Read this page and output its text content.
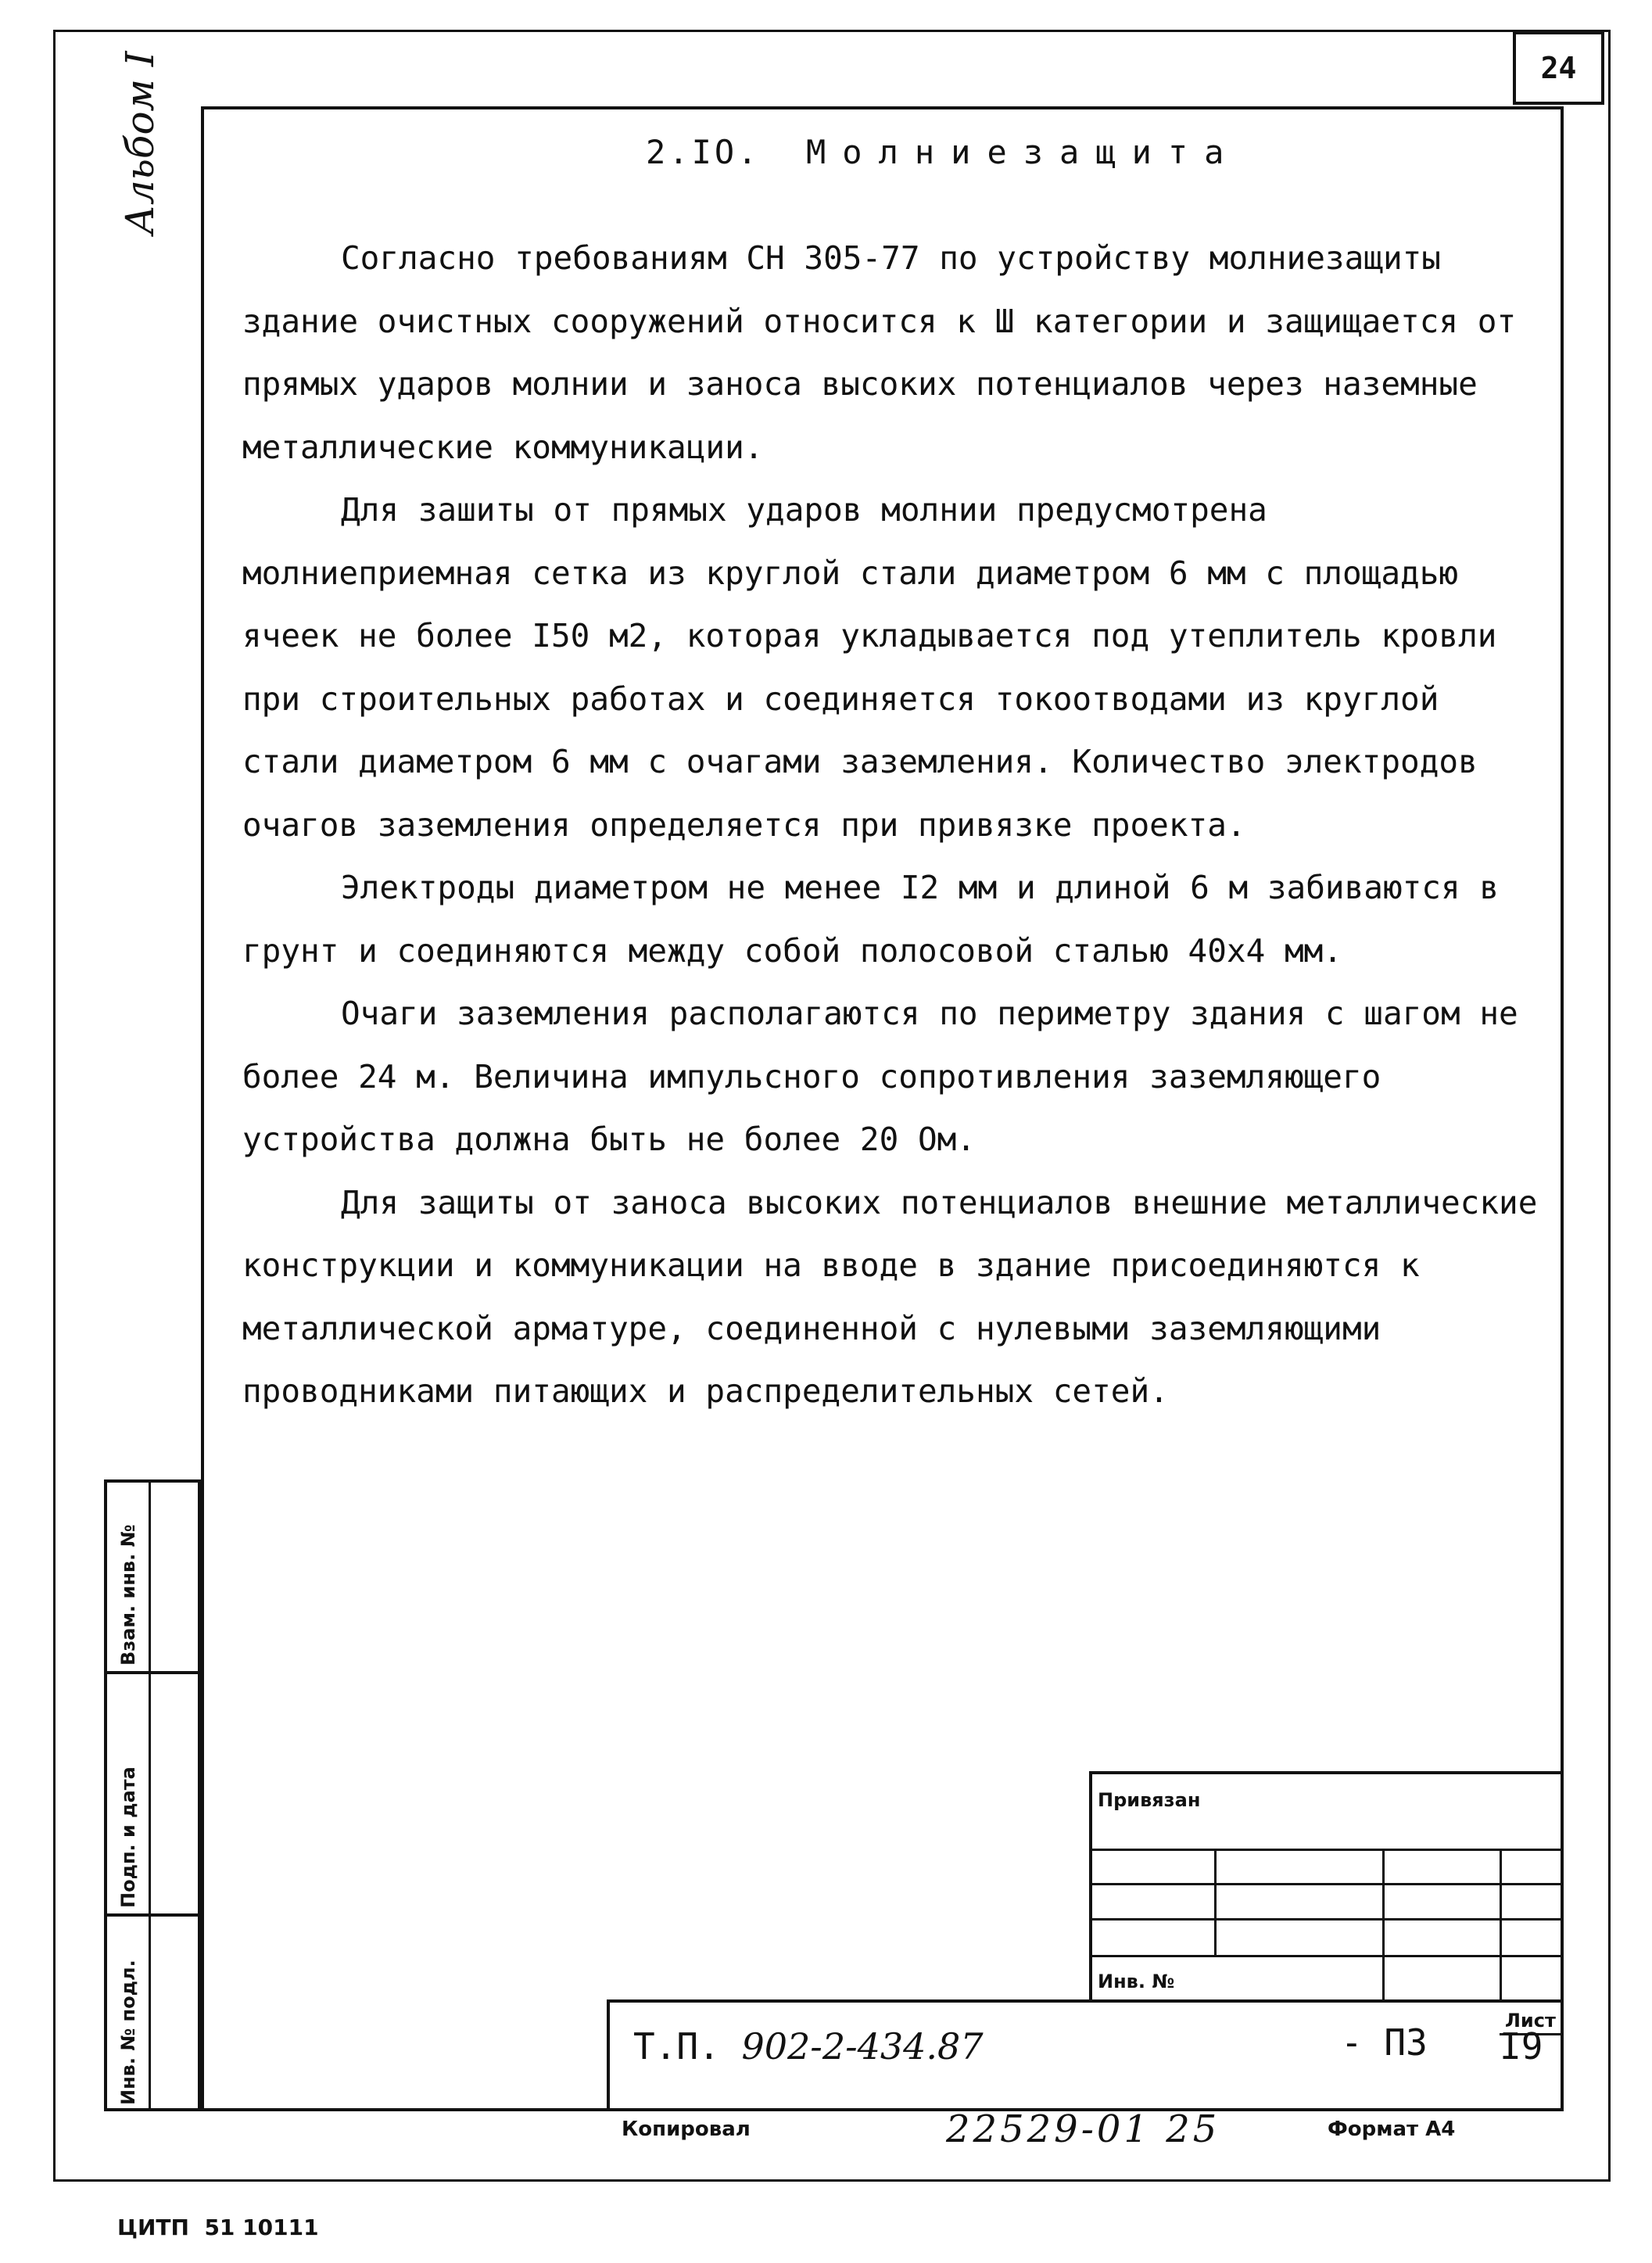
24
Альбом I	2.IO. Молниезащита

Согласно требованиям СН 305-77 по устройству молниезащиты здание очистных сооружений относится к Ш категории и защищается от прямых ударов молнии и заноса высоких потенциалов через наземные металлические коммуникации.

Для зашиты от прямых ударов молнии предусмотрена молниеприемная сетка из круглой стали диаметром 6 мм с площадью ячеек не более I50 м2, которая укладывается под утеплитель кровли при строительных работах и соединяется токоотводами из круглой стали диаметром 6 мм с очагами заземления. Количество электродов очагов заземления определяется при привязке проекта.

Электроды диаметром не менее I2 мм и длиной 6 м забиваются в грунт и соединяются между собой полосовой сталью 40х4 мм.

Очаги заземления располагаются по периметру здания с шагом не более 24 м. Величина импульсного сопротивления заземляющего устройства должна быть не более 20 Ом.

Для защиты от заноса высоких потенциалов внешние металлические конструкции и коммуникации на вводе в здание присоединяются к металлической арматуре, соединенной с нулевыми заземляющими проводниками питающих и распределительных сетей.

Взам. инв. №
Подп. и дата
Инв. № подл.
Привязан
Инв. №
Лист
Т.П. 902-2-434.87	- ПЗ I9
Копировал	22529-01 25	Формат А4
ЦИТП  51 10111
